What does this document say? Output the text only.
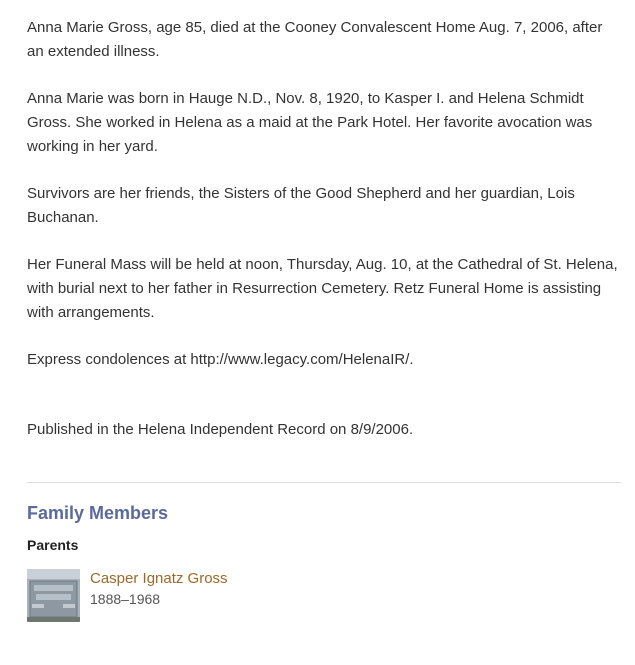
Anna Marie Gross, age 85, died at the Cooney Convalescent Home Aug. 7, 2006, after an extended illness.

Anna Marie was born in Hauge N.D., Nov. 8, 1920, to Kasper I. and Helena Schmidt Gross. She worked in Helena as a maid at the Park Hotel. Her favorite avocation was working in her yard.

Survivors are her friends, the Sisters of the Good Shepherd and her guardian, Lois Buchanan.

Her Funeral Mass will be held at noon, Thursday, Aug. 10, at the Cathedral of St. Helena, with burial next to her father in Resurrection Cemetery. Retz Funeral Home is assisting with arrangements.

Express condolences at http://www.legacy.com/HelenaIR/.

Published in the Helena Independent Record on 8/9/2006.

Family Members
Parents
Casper Ignatz Gross
1888–1968
